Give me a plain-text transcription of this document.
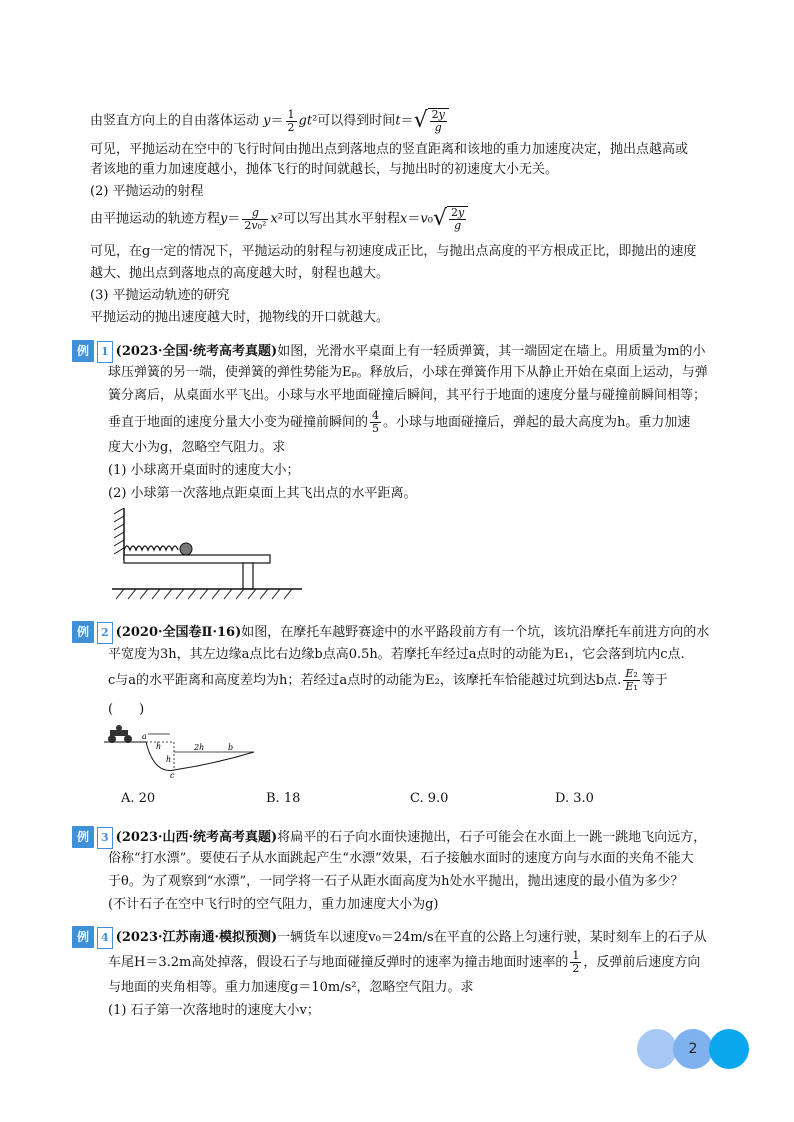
由竖直方向上的自由落体运动 $y= \frac{1}{2} gt^2$可以得到时间$t=√ \frac{2y}{g}$
可见，平抛运动在空中的飞行时间由抛出点到落地点的竖直距离和该地的重力加速度决定，抛出点越高或
者该地的重力加速度越小，抛体飞行的时间就越长，与抛出时的初速度大小无关。
(2) 平抛运动的射程
由平抛运动的轨迹方程$y= \frac{g}{\text{2v₀²}} x^2$可以写出其水平射程$x=v_0√ \frac{2y}{g}$
可见，在g一定的情况下，平抛运动的射程与初速度成正比，与抛出点高度的平方根成正比，即抛出的速度
越大、抛出点到落地点的高度越大时，射程也越大。
(3) 平抛运动轨迹的研究
平抛运动的抛出速度越大时，抛物线的开口就越大。
例 1 (2023·全国·统考高考真题)如图，光滑水平桌面上有一轻质弹簧，其一端固定在墙上。用质量为m的小
球压弹簧的另一端，使弹簧的弹性势能为Eₚ。释放后，小球在弹簧作用下从静止开始在桌面上运动，与弹
簧分离后，从桌面水平飞出。小球与水平地面碰撞后瞬间，其平行于地面的速度分量与碰撞前瞬间相等；
垂直于地面的速度分量大小变为碰撞前瞬间的 $\frac{4}{5}$ 。小球与地面碰撞后，弹起的最大高度为h。重力加速
度大小为g，忽略空气阻力。求
(1) 小球离开桌面时的速度大小；
(2) 小球第一次落地点距桌面上其飞出点的水平距离。
例 2 (2020·全国卷Ⅱ·16)如图，在摩托车越野赛途中的水平路段前方有一个坑，该坑沿摩托车前进方向的水
平宽度为3h，其左边缘a点比右边缘b点高0.5h。若摩托车经过a点时的动能为E₁，它会落到坑内c点.
c与a的水平距离和高度差均为h；若经过a点时的动能为E₂，该摩托车恰能越过坑到达b点. $\frac{\text{E₂}}{\text{E₁}}$ 等于
(　　)
a
h
h
2h	b
c
A. 20	B. 18	C. 9.0	D. 3.0
例 3 (2023·山西·统考高考真题)将扁平的石子向水面快速抛出，石子可能会在水面上一跳一跳地飞向远方，
俗称“打水漂”。要使石子从水面跳起产生“水漂”效果，石子接触水面时的速度方向与水面的夹角不能大
于θ。为了观察到“水漂”，一同学将一石子从距水面高度为h处水平抛出，抛出速度的最小值为多少？
(不计石子在空中飞行时的空气阻力，重力加速度大小为g)
例 4 (2023·江苏南通·模拟预测)一辆货车以速度v₀＝24m/s在平直的公路上匀速行驶，某时刻车上的石子从
车尾H＝3.2m高处掉落，假设石子与地面碰撞反弹时的速率为撞击地面时速率的 $\frac{1}{2}$ ，反弹前后速度方向
与地面的夹角相等。重力加速度g＝10m/s²，忽略空气阻力。求
(1) 石子第一次落地时的速度大小v；
2
